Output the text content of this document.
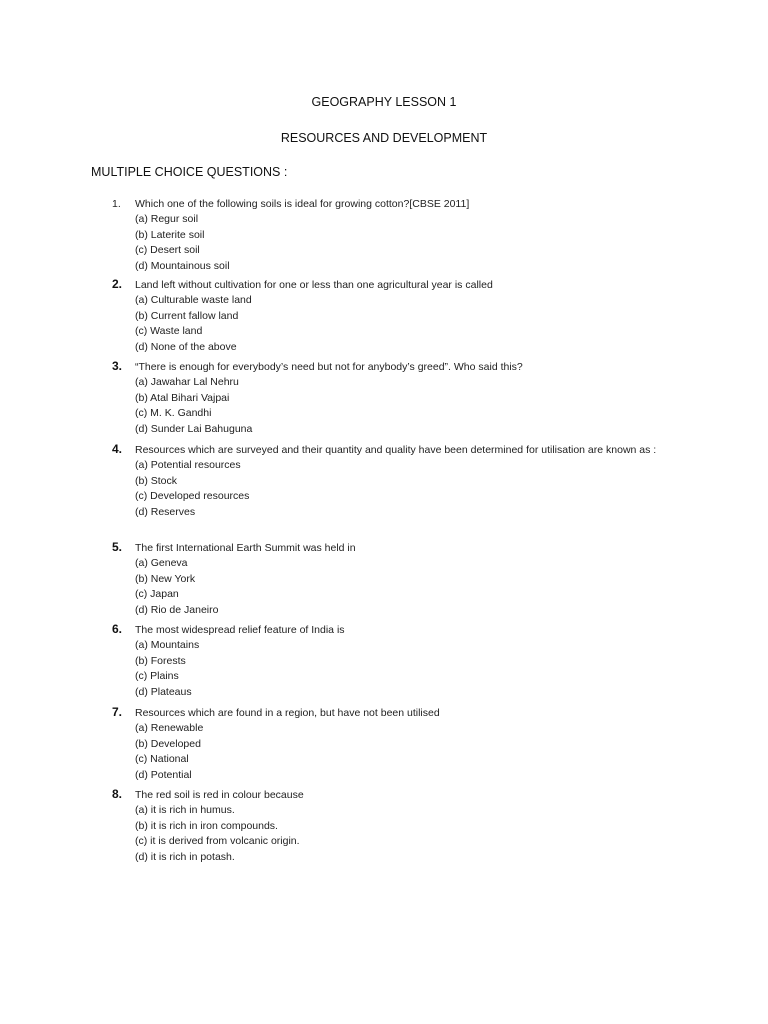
GEOGRAPHY LESSON 1
RESOURCES AND DEVELOPMENT
MULTIPLE CHOICE QUESTIONS :
1.	Which one of the following soils is ideal for growing cotton?[CBSE 2011]
(a) Regur soil
(b) Laterite soil
(c) Desert soil
(d) Mountainous soil
2.	Land left without cultivation for one or less than one agricultural year is called
(a) Culturable waste land
(b) Current fallow land
(c) Waste land
(d) None of the above
3.	“There is enough for everybody’s need but not for anybody’s greed”. Who said this?
(a) Jawahar Lal Nehru
(b) Atal Bihari Vajpai
(c) M. K. Gandhi
(d) Sunder Lai Bahuguna
4.	Resources which are surveyed and their quantity and quality have been determined for utilisation are known as :
(a) Potential resources
(b) Stock
(c) Developed resources
(d) Reserves
5.	The first International Earth Summit was held in
(a) Geneva
(b) New York
(c) Japan
(d) Rio de Janeiro
6.	The most widespread relief feature of India is
(a) Mountains
(b) Forests
(c) Plains
(d) Plateaus
7.	Resources which are found in a region, but have not been utilised
(a) Renewable
(b) Developed
(c) National
(d) Potential
8.	The red soil is red in colour because
(a) it is rich in humus.
(b) it is rich in iron compounds.
(c) it is derived from volcanic origin.
(d) it is rich in potash.
